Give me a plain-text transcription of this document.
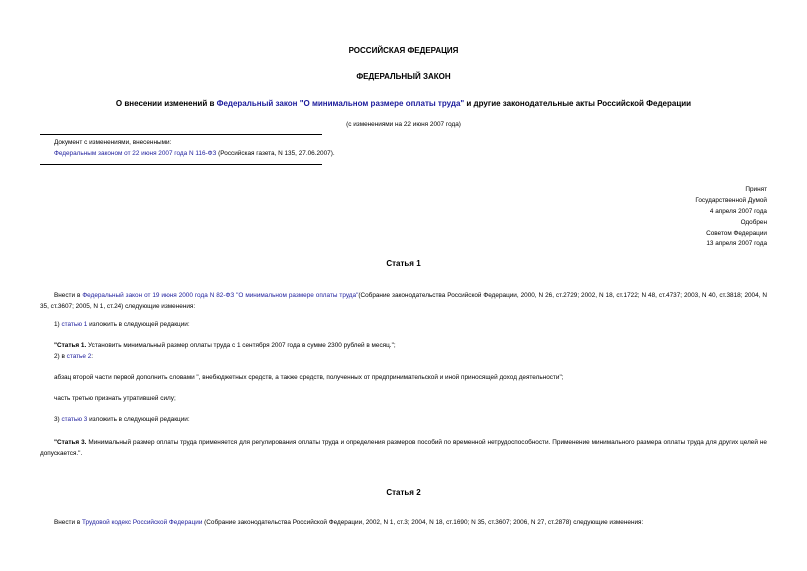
РОССИЙСКАЯ ФЕДЕРАЦИЯ
ФЕДЕРАЛЬНЫЙ ЗАКОН
О внесении изменений в Федеральный закон "О минимальном размере оплаты труда" и другие законодательные акты Российской Федерации
(с изменениями на 22 июня 2007 года)
Документ с изменениями, внесенными:
Федеральным законом от 22 июня 2007 года N 116-ФЗ (Российская газета, N 135, 27.06.2007).
Принят
Государственной Думой
4 апреля 2007 года
Одобрен
Советом Федерации
13 апреля 2007 года
Статья 1
Внести в Федеральный закон от 19 июня 2000 года N 82-ФЗ "О минимальном размере оплаты труда"(Собрание законодательства Российской Федерации, 2000, N 26, ст.2729; 2002, N 18, ст.1722; N 48, ст.4737; 2003, N 40, ст.3818; 2004, N 35, ст.3607; 2005, N 1, ст.24) следующие изменения:
1) статью 1 изложить в следующей редакции:
"Статья 1. Установить минимальный размер оплаты труда с 1 сентября 2007 года в сумме 2300 рублей в месяц.";
2) в статье 2:
абзац второй части первой дополнить словами ", внебюджетных средств, а также средств, полученных от предпринимательской и иной приносящей доход деятельности";
часть третью признать утратившей силу;
3) статью 3 изложить в следующей редакции:
"Статья 3. Минимальный размер оплаты труда применяется для регулирования оплаты труда и определения размеров пособий по временной нетрудоспособности. Применение минимального размера оплаты труда для других целей не допускается.".
Статья 2
Внести в Трудовой кодекс Российской Федерации (Собрание законодательства Российской Федерации, 2002, N 1, ст.3; 2004, N 18, ст.1690; N 35, ст.3607; 2006, N 27, ст.2878) следующие изменения:
